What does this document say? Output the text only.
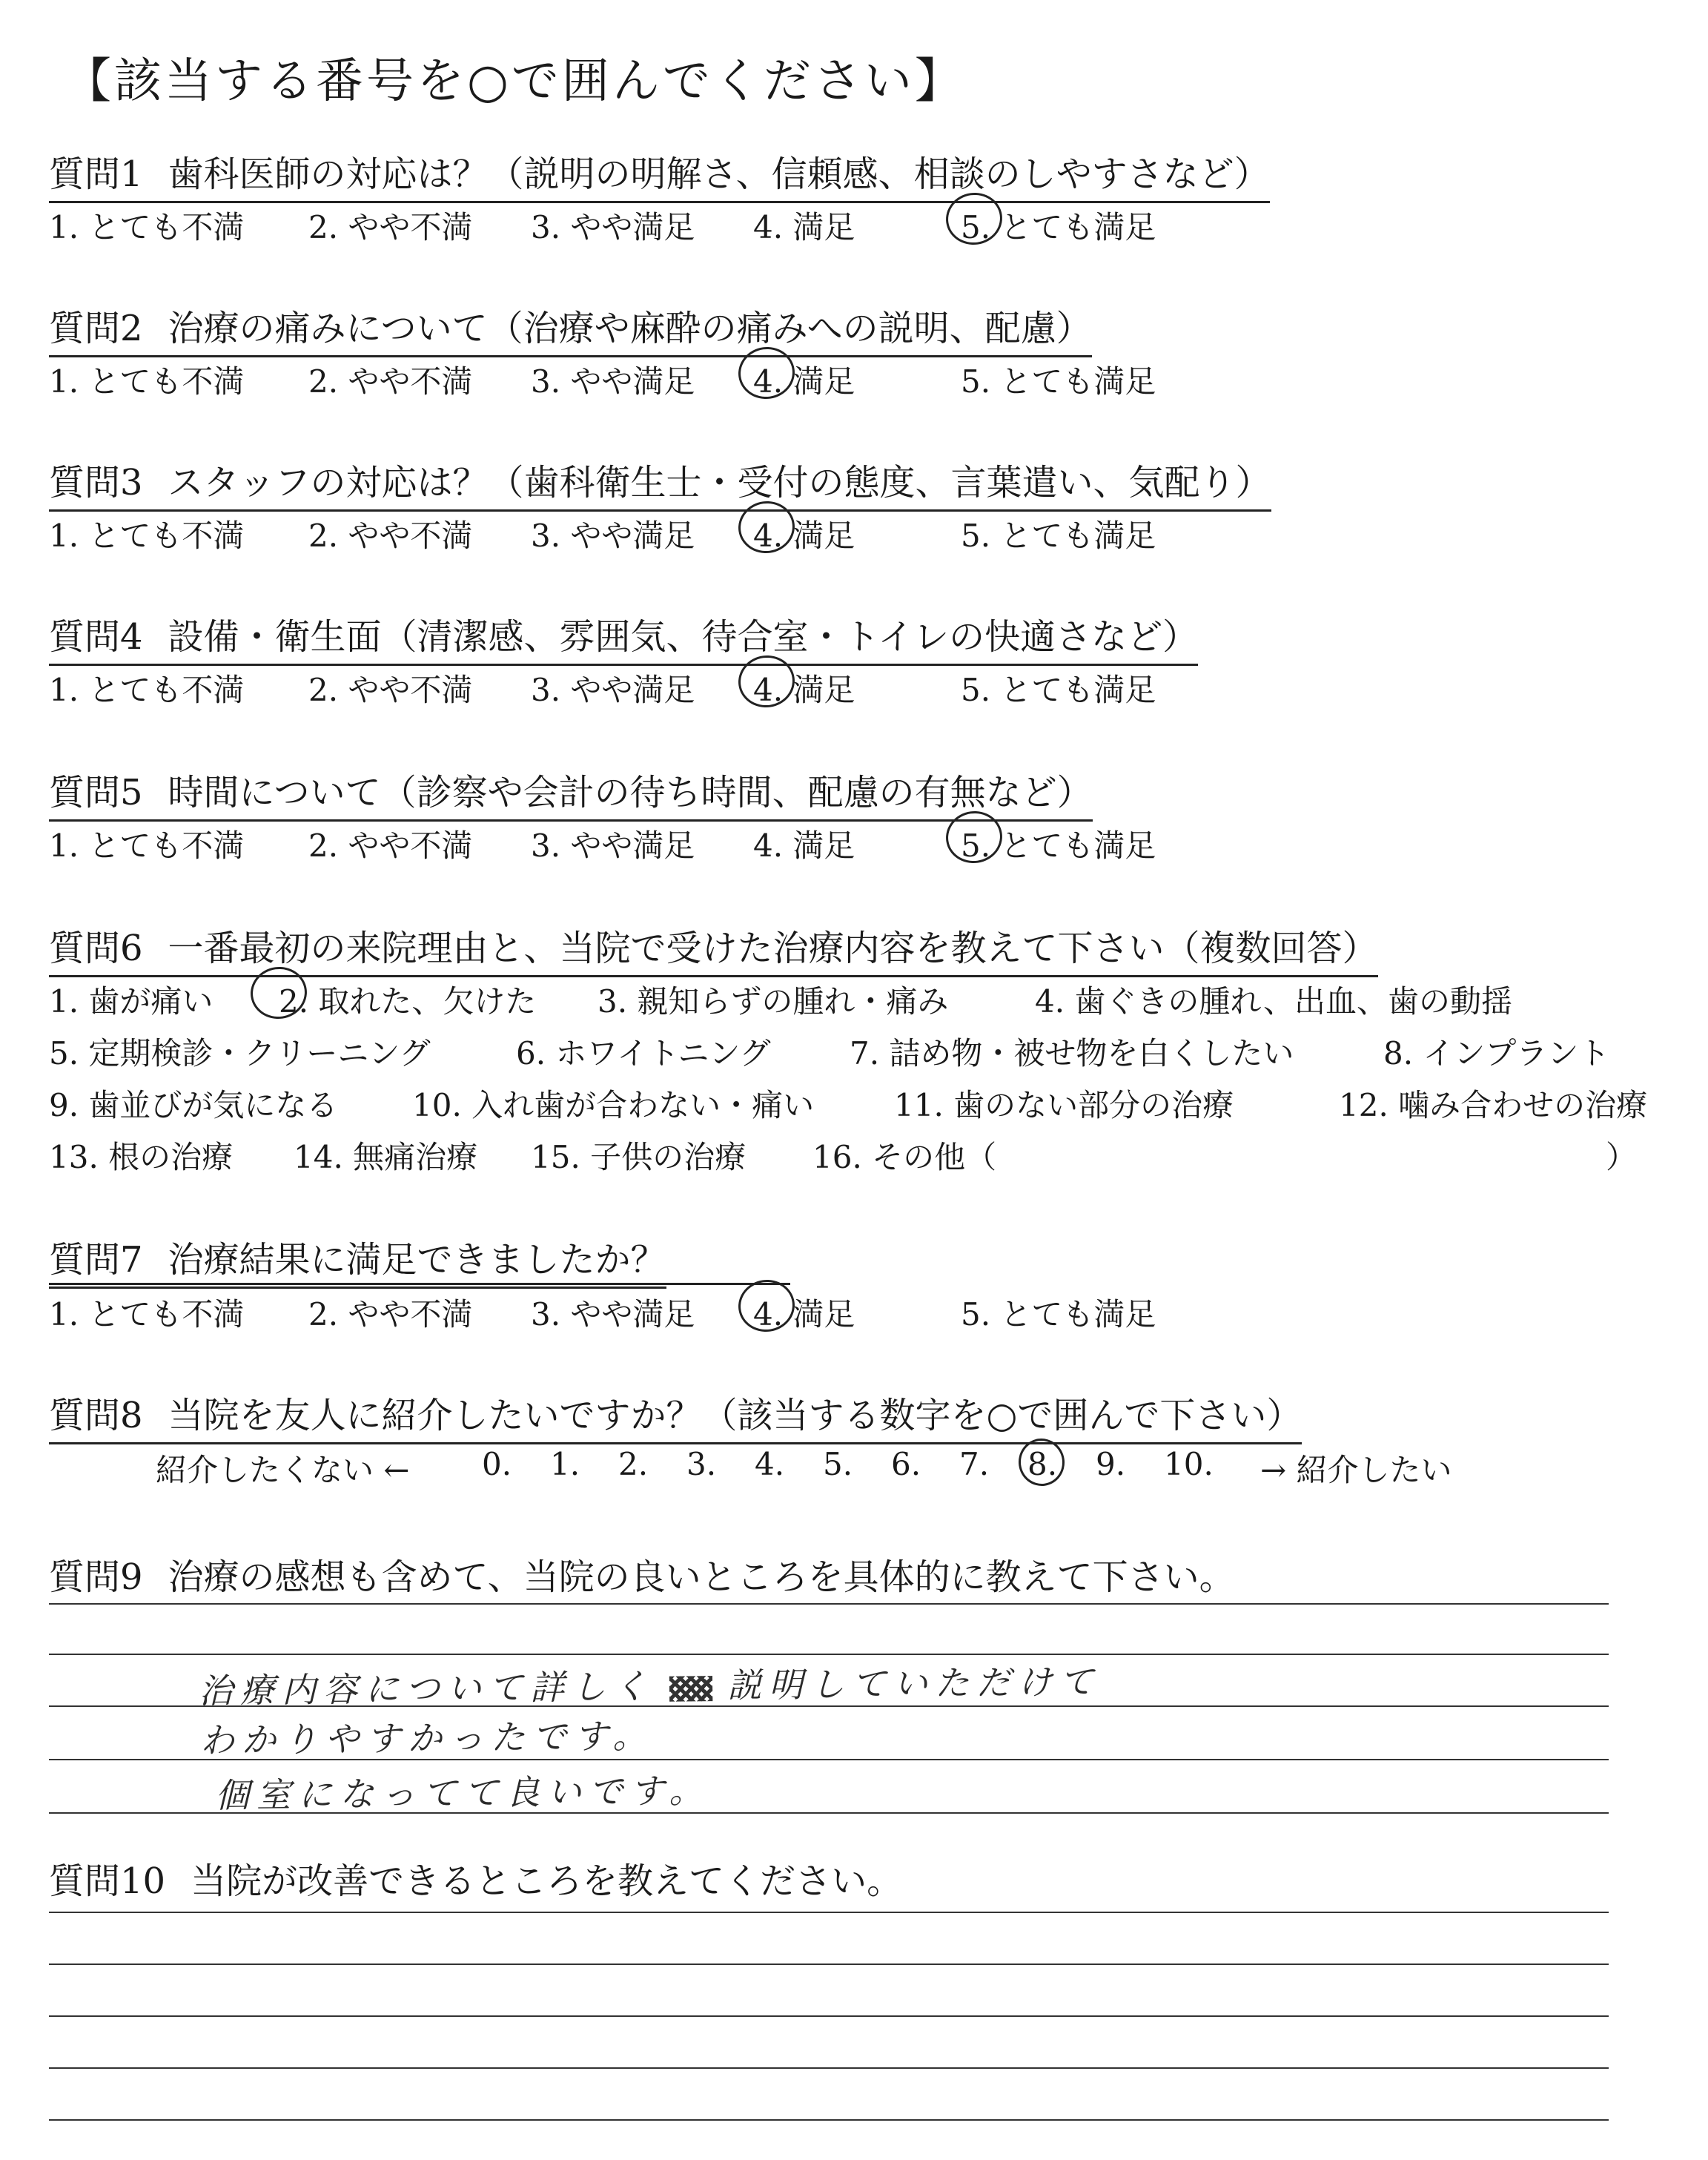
【該当する番号を○で囲んでください】
質問1 歯科医師の対応は？（説明の明解さ、信頼感、相談のしやすさなど）
1. とても不満 2. やや不満 3. やや満足 4. 満足	5. とても満足
質問2 治療の痛みについて（治療や麻酔の痛みへの説明、配慮）
1. とても不満 2. やや不満 3. やや満足 4. 満足	5. とても満足
質問3 スタッフの対応は？（歯科衛生士・受付の態度、言葉遣い、気配り）
1. とても不満 2. やや不満 3. やや満足 4. 満足	5. とても満足
質問4 設備・衛生面（清潔感、雰囲気、待合室・トイレの快適さなど）
1. とても不満 2. やや不満 3. やや満足 4. 満足	5. とても満足
質問5 時間について（診察や会計の待ち時間、配慮の有無など）
1. とても不満 2. やや不満 3. やや満足 4. 満足	5. とても満足
質問6 一番最初の来院理由と、当院で受けた治療内容を教えて下さい（複数回答）
1. 歯が痛い 2. 取れた、欠けた 3. 親知らずの腫れ・痛み	4. 歯ぐきの腫れ、出血、歯の動揺
5. 定期検診・クリーニング	6. ホワイトニング	7. 詰め物・被せ物を白くしたい	8. インプラント
9. 歯並びが気になる 10. 入れ歯が合わない・痛い	11. 歯のない部分の治療	12. 噛み合わせの治療
13. 根の治療 14. 無痛治療 15. 子供の治療 16. その他（	）
質問7 治療結果に満足できましたか？
1. とても不満 2. やや不満 3. やや満足 4. 満足	5. とても満足
質問8 当院を友人に紹介したいですか？（該当する数字を○で囲んで下さい）
紹介したくない ←	→ 紹介したい
0. 1. 2. 3. 4. 5. 6. 7. 8. 9. 10.
質問9 治療の感想も含めて、当院の良いところを具体的に教えて下さい。
治療内容について詳しく 説明していただけて
わかりやすかったです。
個室になってて良いです。
質問10 当院が改善できるところを教えてください。
